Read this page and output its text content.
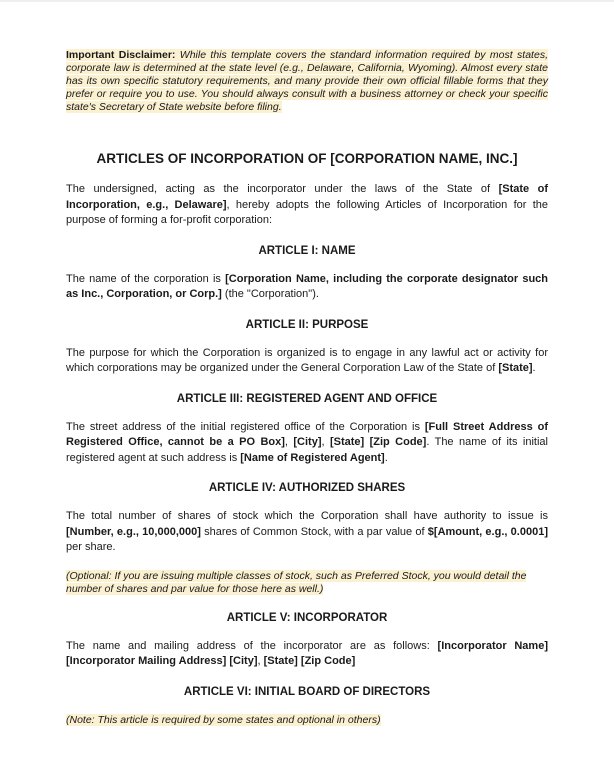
Important Disclaimer: While this template covers the standard information required by most states, corporate law is determined at the state level (e.g., Delaware, California, Wyoming). Almost every state has its own specific statutory requirements, and many provide their own official fillable forms that they prefer or require you to use. You should always consult with a business attorney or check your specific state's Secretary of State website before filing.

ARTICLES OF INCORPORATION OF [CORPORATION NAME, INC.]

The undersigned, acting as the incorporator under the laws of the State of [State of Incorporation, e.g., Delaware], hereby adopts the following Articles of Incorporation for the purpose of forming a for-profit corporation:

ARTICLE I: NAME

The name of the corporation is [Corporation Name, including the corporate designator such as Inc., Corporation, or Corp.] (the "Corporation").

ARTICLE II: PURPOSE

The purpose for which the Corporation is organized is to engage in any lawful act or activity for which corporations may be organized under the General Corporation Law of the State of [State].

ARTICLE III: REGISTERED AGENT AND OFFICE

The street address of the initial registered office of the Corporation is [Full Street Address of Registered Office, cannot be a PO Box], [City], [State] [Zip Code]. The name of its initial registered agent at such address is [Name of Registered Agent].

ARTICLE IV: AUTHORIZED SHARES

The total number of shares of stock which the Corporation shall have authority to issue is [Number, e.g., 10,000,000] shares of Common Stock, with a par value of $[Amount, e.g., 0.0001] per share.

(Optional: If you are issuing multiple classes of stock, such as Preferred Stock, you would detail the number of shares and par value for those here as well.)

ARTICLE V: INCORPORATOR

The name and mailing address of the incorporator are as follows: [Incorporator Name] [Incorporator Mailing Address] [City], [State] [Zip Code]

ARTICLE VI: INITIAL BOARD OF DIRECTORS

(Note: This article is required by some states and optional in others)
